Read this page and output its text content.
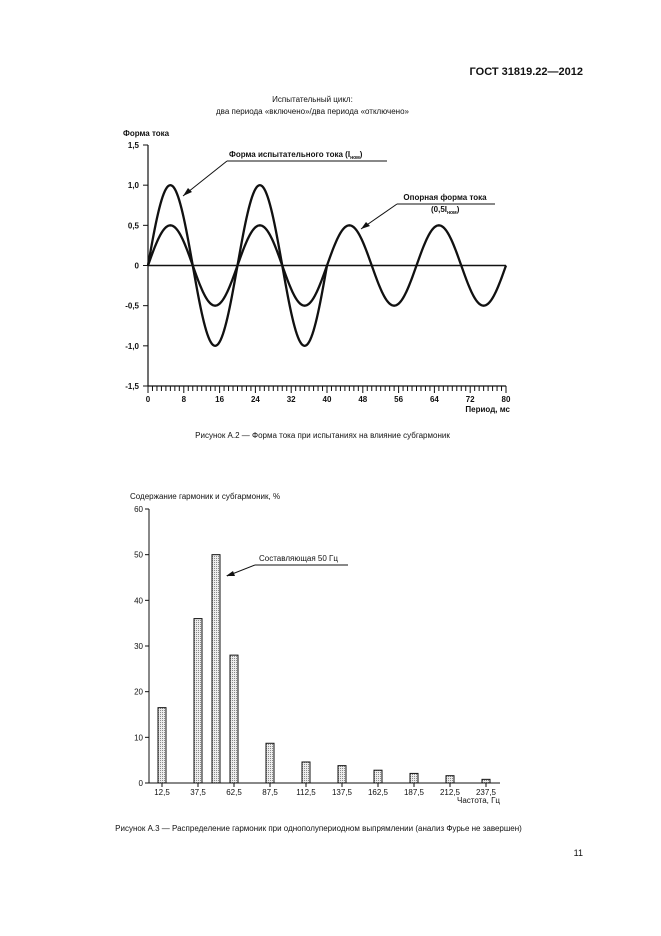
ГОСТ 31819.22—2012
Испытательный цикл:
два периода «включено»/два периода «отключено»
1,5
1,0
0,5
0
-0,5
-1,0
-1,5
0	8	16	24	32	40	48	56	64	72	80
Форма тока
Период, мс
Форма испытательного тока $(I_{ном})$
Опорная форма тока
$(0,5I_{ном})$
Рисунок А.2 — Форма тока при испытаниях на влияние субгармоник
0
10
20
30
40
50
60
12,5	37,5	62,5	87,5 112,5 137,5 162,5 187,5 212,5 237,5
Содержание гармоник и субгармоник, %
Частота, Гц
Составляющая 50 Гц
Рисунок А.3 — Распределение гармоник при однополупериодном выпрямлении (анализ Фурье не завершен)
11
